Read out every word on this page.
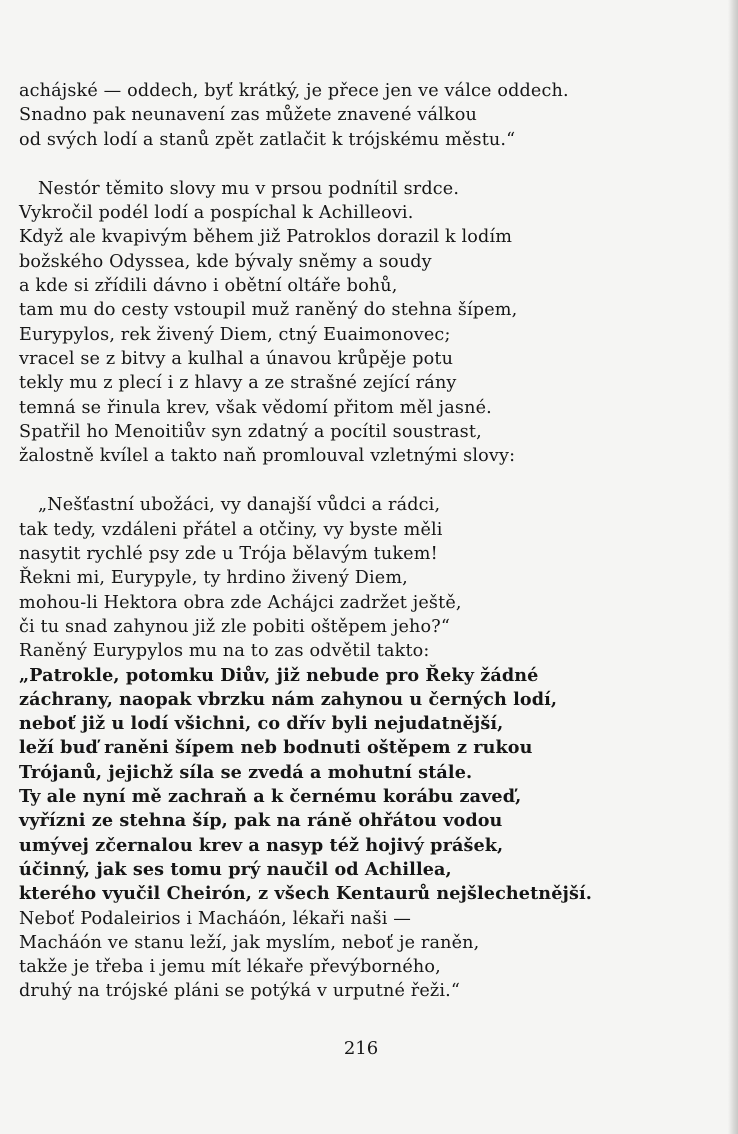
achájské — oddech, byť krátký, je přece jen ve válce oddech.
Snadno pak neunavení zas můžete znavené válkou
od svých lodí a stanů zpět zatlačit k trójskému městu.“
Nestór těmito slovy mu v prsou podnítil srdce.
Vykročil podél lodí a pospíchal k Achilleovi.
Když ale kvapivým během již Patroklos dorazil k lodím
božského Odyssea, kde bývaly sněmy a soudy
a kde si zřídili dávno i obětní oltáře bohů,
tam mu do cesty vstoupil muž raněný do stehna šípem,
Eurypylos, rek živený Diem, ctný Euaimonovec;
vracel se z bitvy a kulhal a únavou krůpěje potu
tekly mu z plecí i z hlavy a ze strašné zející rány
temná se řinula krev, však vědomí přitom měl jasné.
Spatřil ho Menoitiův syn zdatný a pocítil soustrast,
žalostně kvílel a takto naň promlouval vzletnými slovy:
„Nešťastní ubožáci, vy danajší vůdci a rádci,
tak tedy, vzdáleni přátel a otčiny, vy byste měli
nasytit rychlé psy zde u Trója bělavým tukem!
Řekni mi, Eurypyle, ty hrdino živený Diem,
mohou-li Hektora obra zde Achájci zadržet ještě,
či tu snad zahynou již zle pobiti oštěpem jeho?“
Raněný Eurypylos mu na to zas odvětil takto:
„Patrokle, potomku Diův, již nebude pro Řeky žádné
záchrany, naopak vbrzku nám zahynou u černých lodí,
neboť již u lodí všichni, co dřív byli nejudatnější,
leží buď raněni šípem neb bodnuti oštěpem z rukou
Trójanů, jejichž síla se zvedá a mohutní stále.
Ty ale nyní mě zachraň a k černému korábu zaveď,
vyřízni ze stehna šíp, pak na ráně ohřátou vodou
umývej zčernalou krev a nasyp též hojivý prášek,
účinný, jak ses tomu prý naučil od Achillea,
kterého vyučil Cheirón, z všech Kentaurů nejšlechetnější.
Neboť Podaleirios i Macháón, lékaři naši —
Macháón ve stanu leží, jak myslím, neboť je raněn,
takže je třeba i jemu mít lékaře převýborného,
druhý na trójské pláni se potýká v urputné řeži.“
216
